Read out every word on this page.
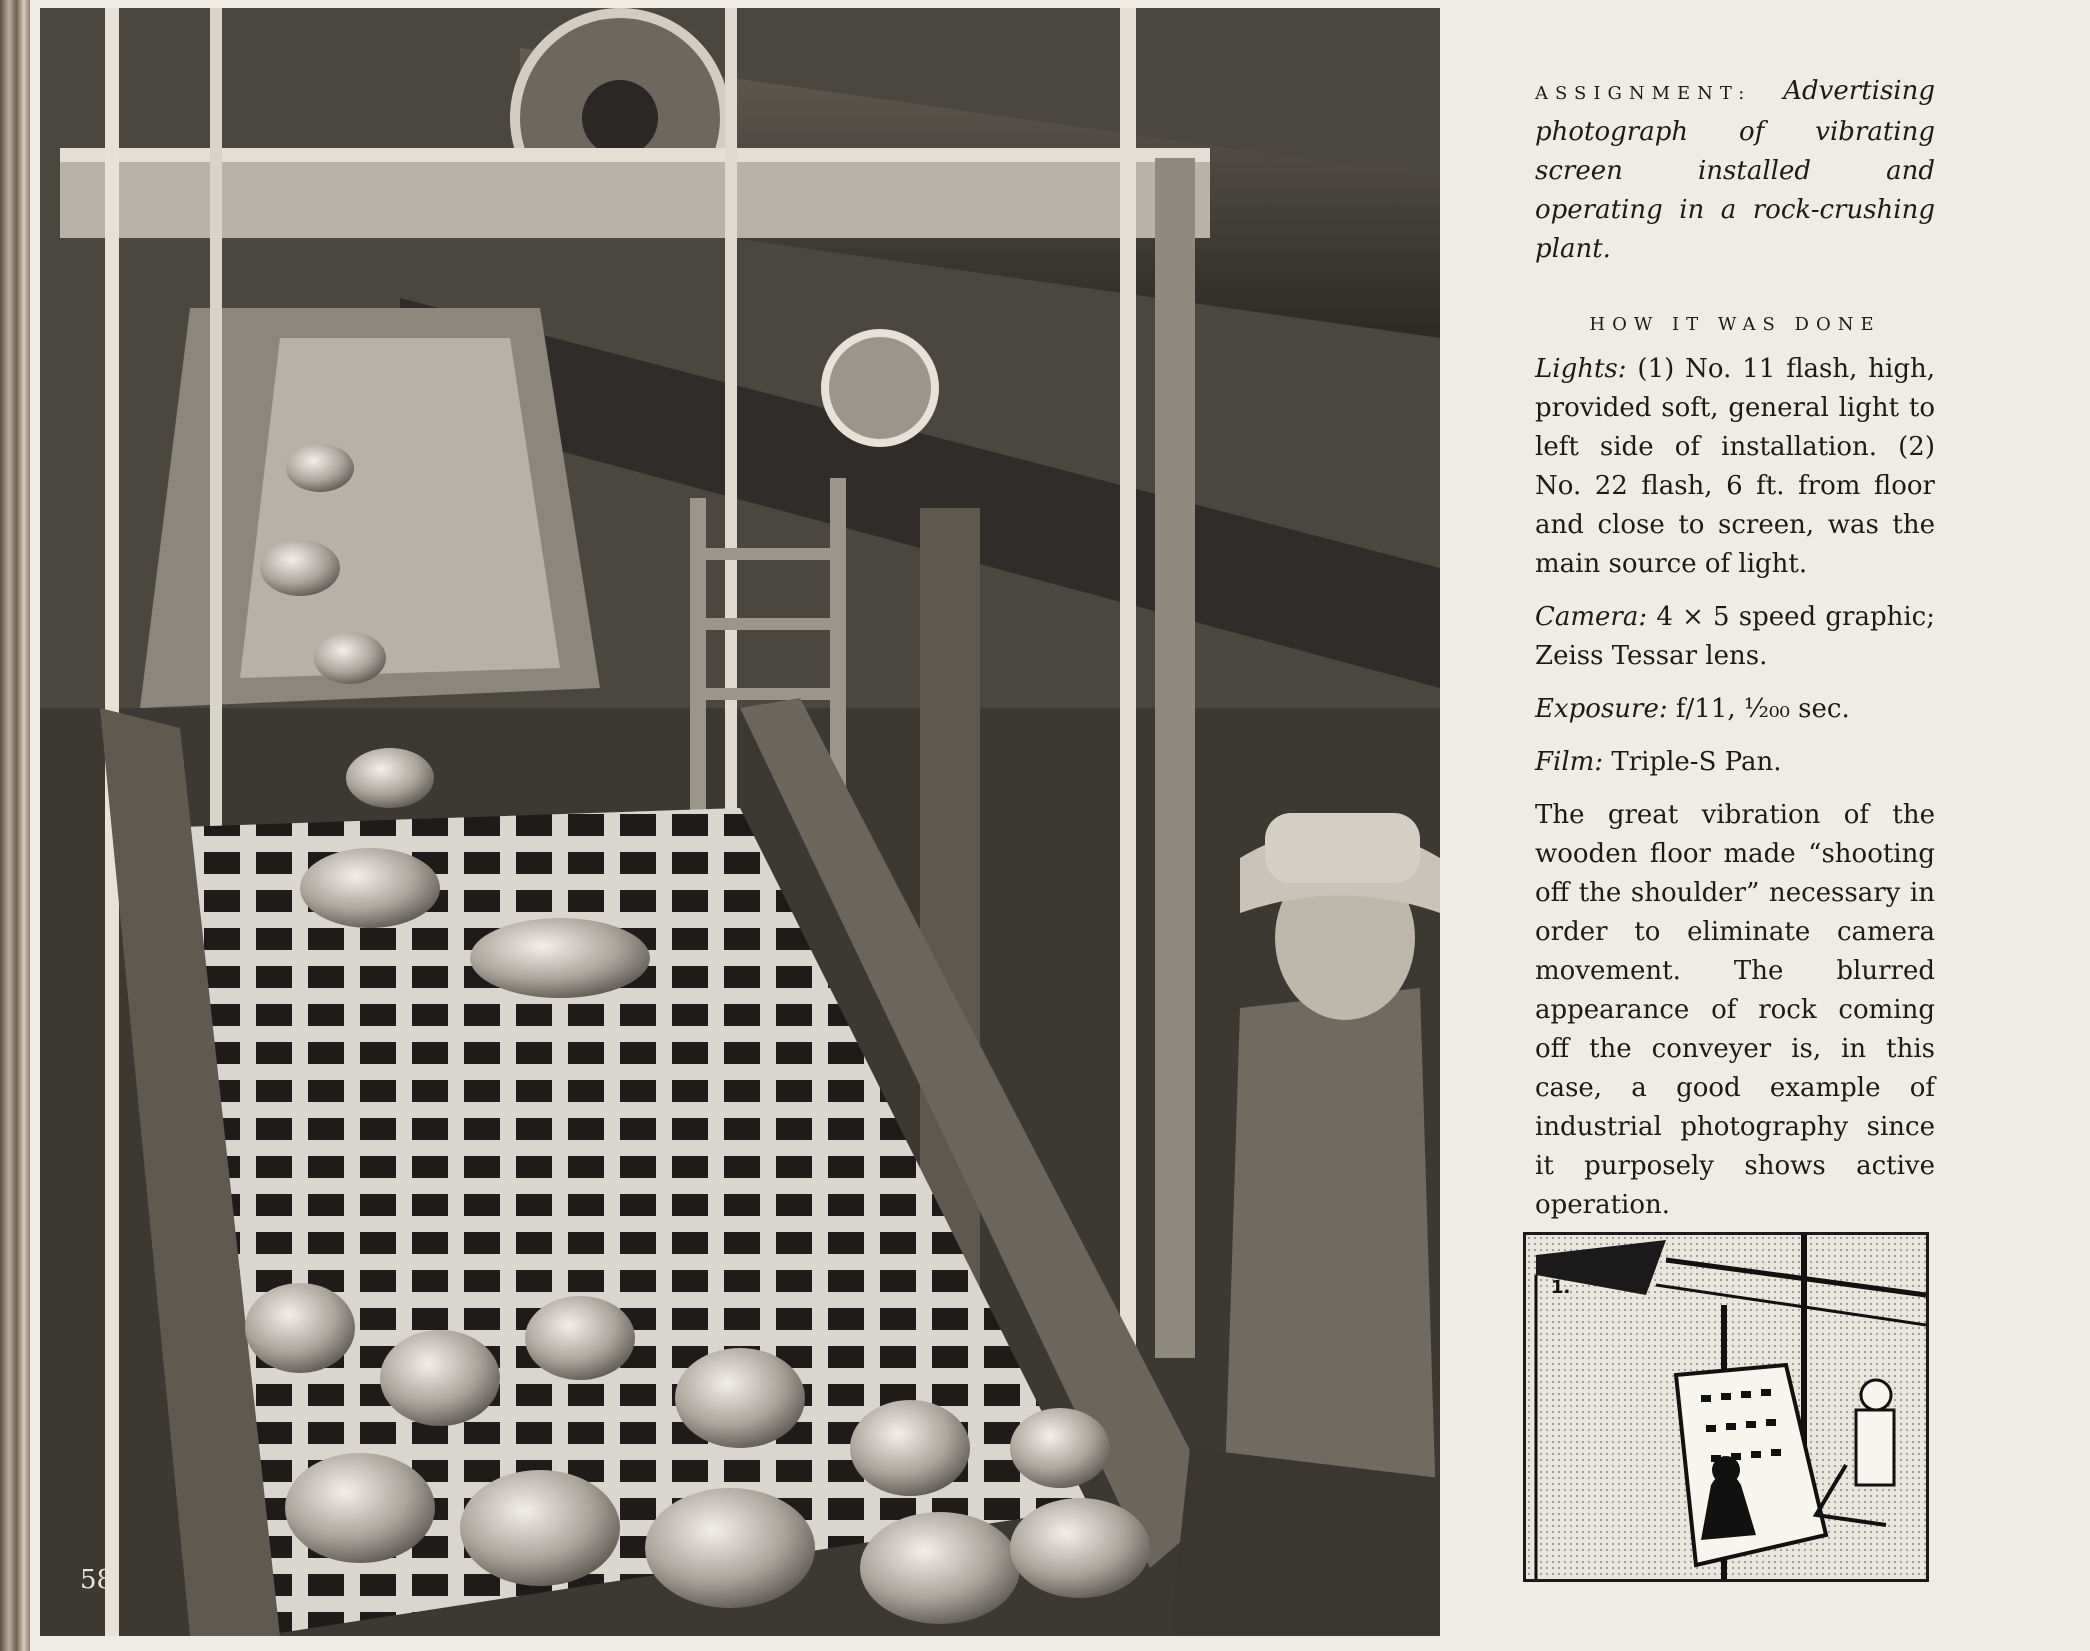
58

ASSIGNMENT: Advertising photograph of vibrating screen installed and operating in a rock-crushing plant.

HOW IT WAS DONE

Lights: (1) No. 11 flash, high, provided soft, general light to left side of installation. (2) No. 22 flash, 6 ft. from floor and close to screen, was the main source of light.

Camera: 4 × 5 speed graphic; Zeiss Tessar lens.

Exposure: f/11, ¹⁄₂₀₀ sec.

Film: Triple-S Pan.

The great vibration of the wooden floor made “shooting off the shoulder” necessary in order to eliminate camera movement. The blurred appearance of rock coming off the conveyer is, in this case, a good example of industrial photography since it purposely shows active operation.

1.
